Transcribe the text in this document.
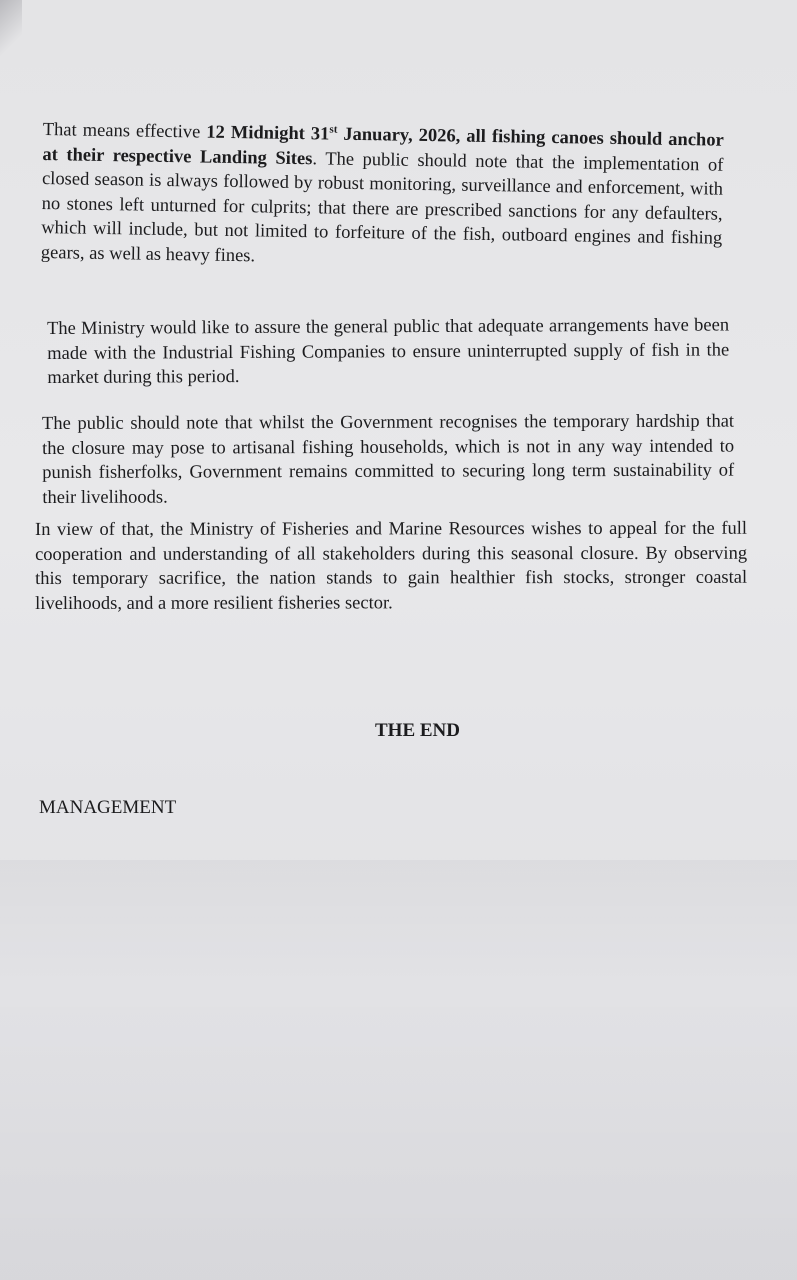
That means effective 12 Midnight 31st January, 2026, all fishing canoes should anchor at their respective Landing Sites. The public should note that the implementation of closed season is always followed by robust monitoring, surveillance and enforcement, with no stones left unturned for culprits; that there are prescribed sanctions for any defaulters, which will include, but not limited to forfeiture of the fish, outboard engines and fishing gears, as well as heavy fines.

The Ministry would like to assure the general public that adequate arrangements have been made with the Industrial Fishing Companies to ensure uninterrupted supply of fish in the market during this period.

The public should note that whilst the Government recognises the temporary hardship that the closure may pose to artisanal fishing households, which is not in any way intended to punish fisherfolks, Government remains committed to securing long term sustainability of their livelihoods.

In view of that, the Ministry of Fisheries and Marine Resources wishes to appeal for the full cooperation and understanding of all stakeholders during this seasonal closure. By observing this temporary sacrifice, the nation stands to gain healthier fish stocks, stronger coastal livelihoods, and a more resilient fisheries sector.

THE END
MANAGEMENT
